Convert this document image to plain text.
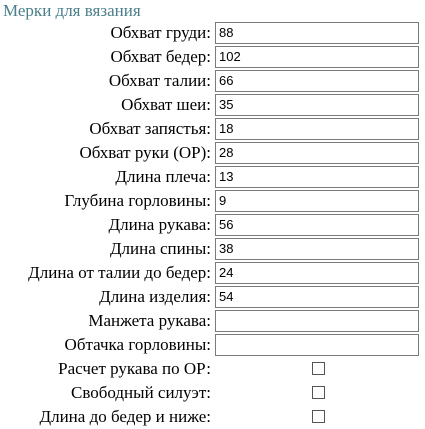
Мерки для вязания
Обхват груди: 88
Обхват бедер: 102
Обхват талии: 66
Обхват шеи: 35
Обхват запястья: 18
Обхват руки (ОР): 28
Длина плеча: 13
Глубина горловины: 9
Длина рукава: 56
Длина спины: 38
Длина от талии до бедер: 24
Длина изделия: 54
Манжета рукава:
Обтачка горловины:
Расчет рукава по ОР:
Свободный силуэт:
Длина до бедер и ниже:
